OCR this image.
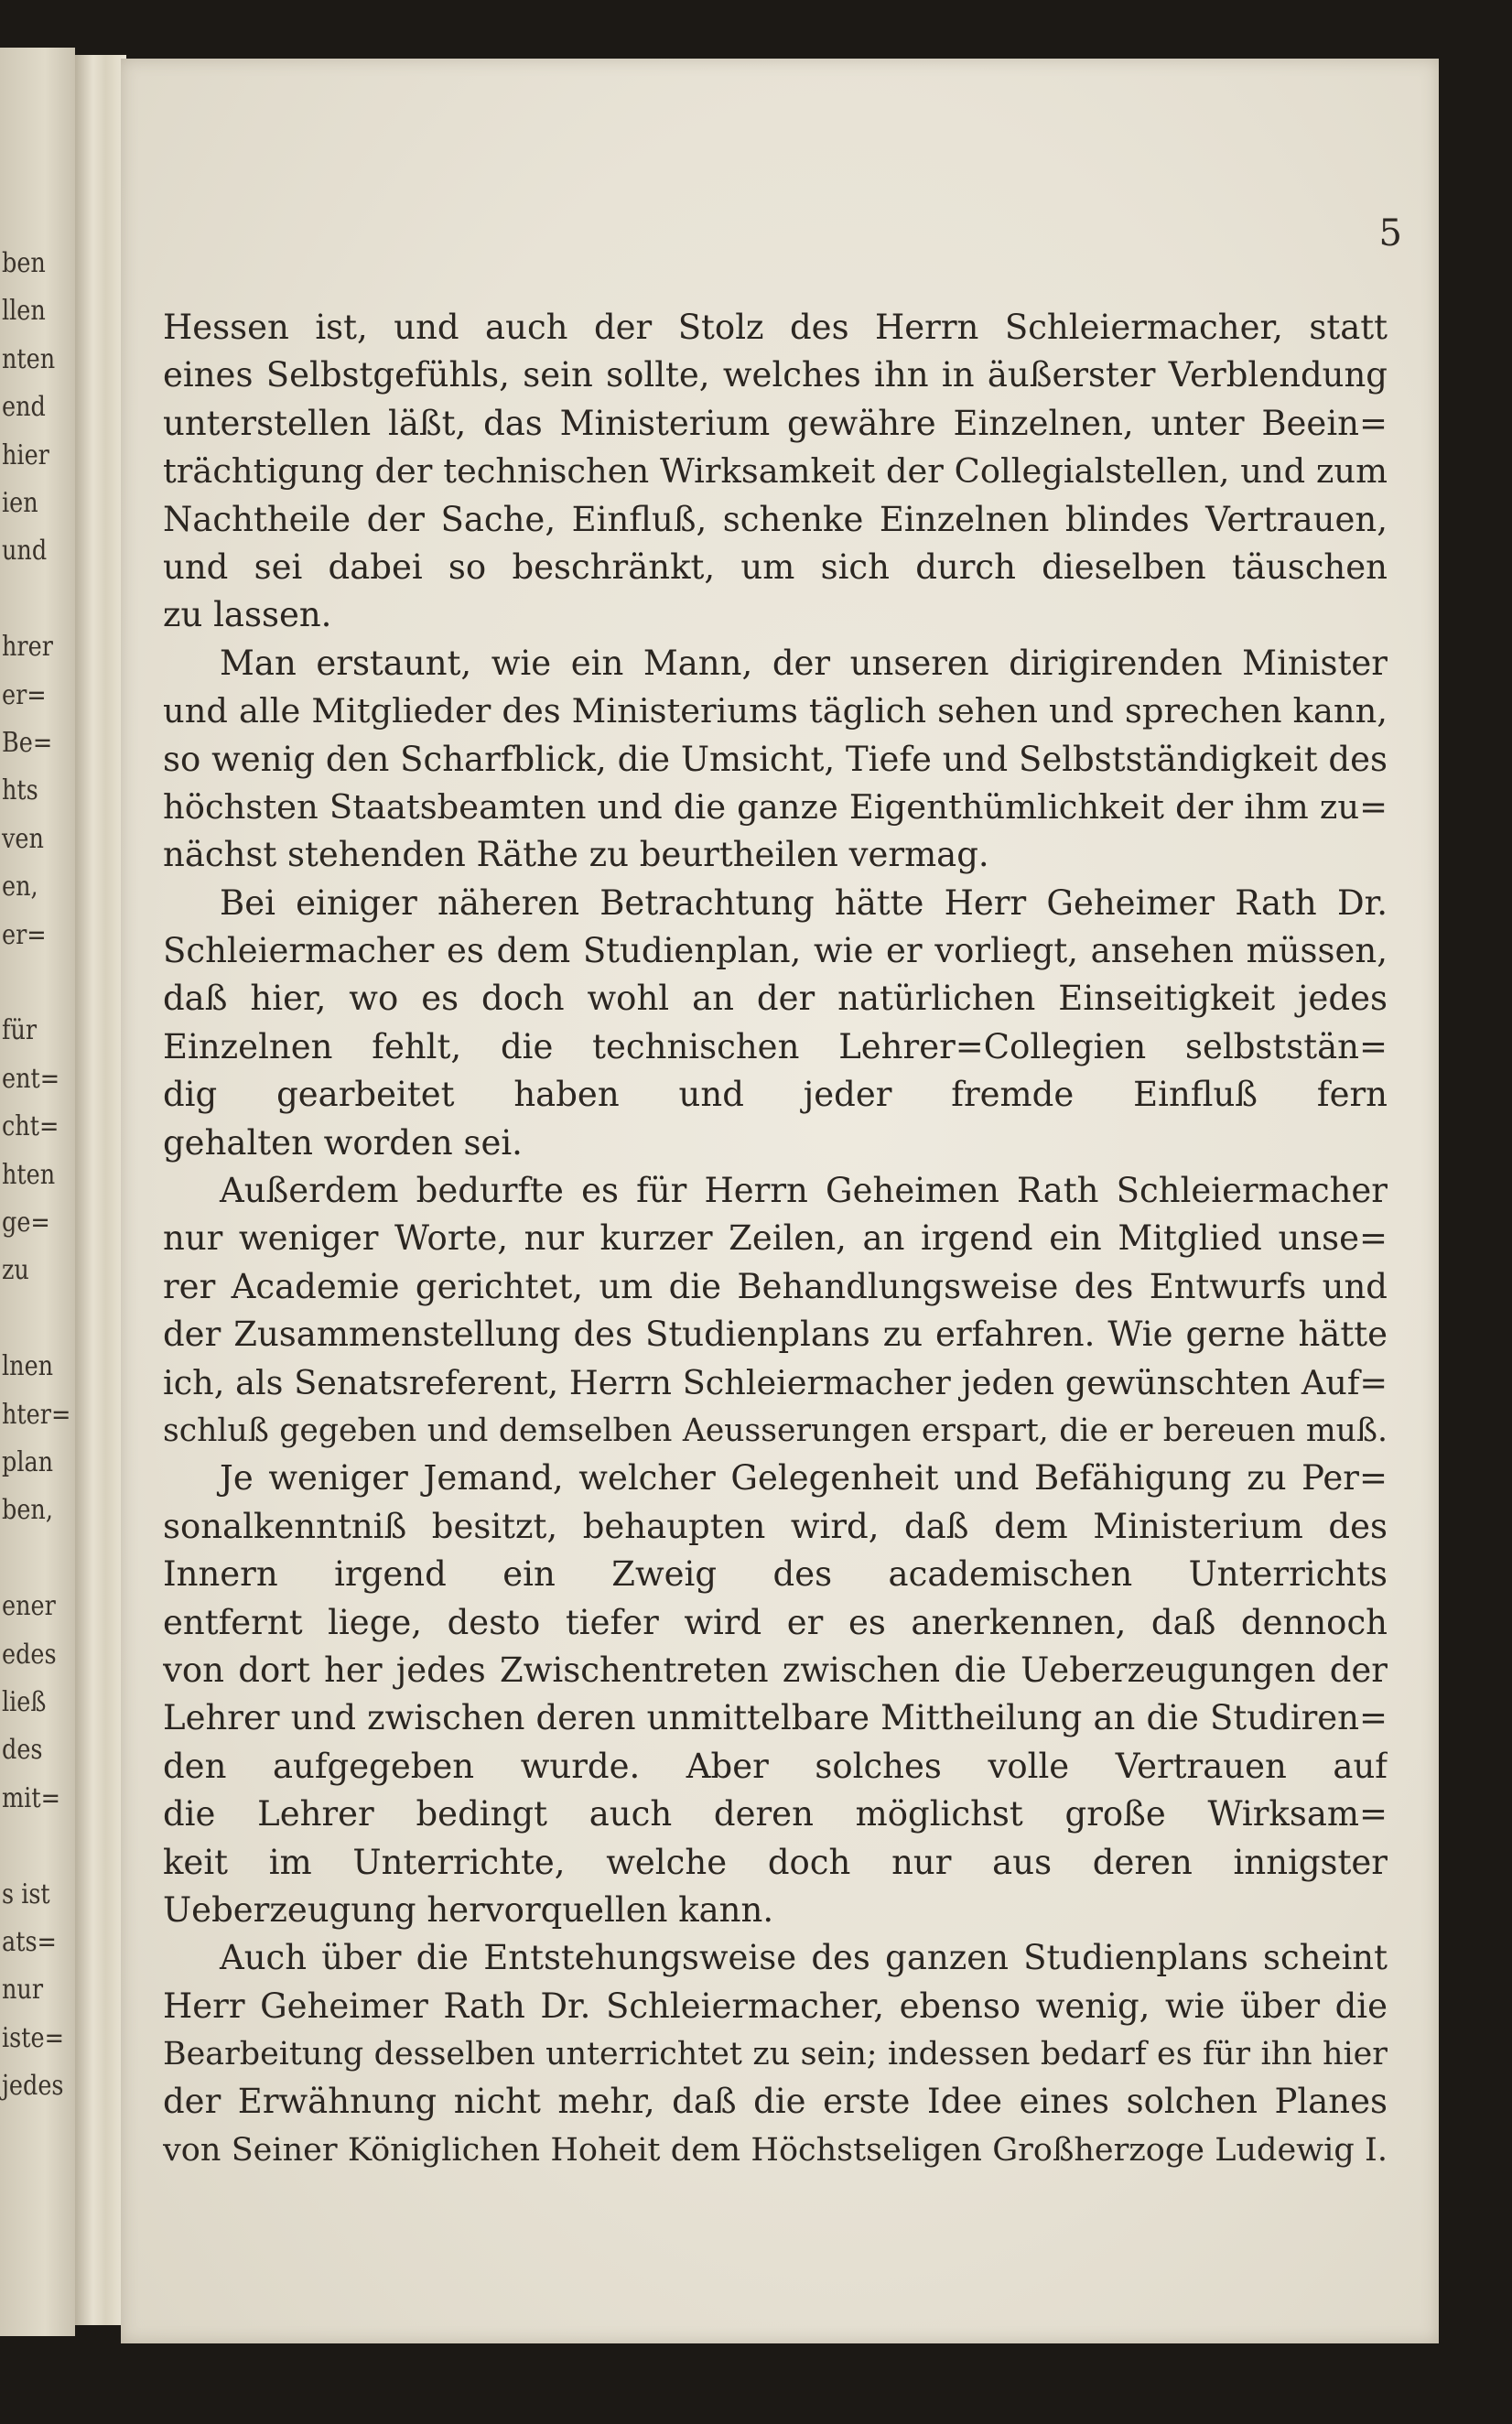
ben
llen
nten
end
hier
ien
und
hrer
er=
Be=
hts
ven
en,
er=
für
ent=
cht=
hten
ge=
zu
lnen
hter=
plan
ben,
ener
edes
ließ
des
mit=
s ist
ats=
nur
iste=
jedes
5
Hessen ist, und auch der Stolz des Herrn Schleiermacher, statt
eines Selbstgefühls, sein sollte, welches ihn in äußerster Verblendung
unterstellen läßt, das Ministerium gewähre Einzelnen, unter Beein=
trächtigung der technischen Wirksamkeit der Collegialstellen, und zum
Nachtheile der Sache, Einfluß, schenke Einzelnen blindes Vertrauen,
und sei dabei so beschränkt, um sich durch dieselben täuschen
zu lassen.
Man erstaunt, wie ein Mann, der unseren dirigirenden Minister
und alle Mitglieder des Ministeriums täglich sehen und sprechen kann,
so wenig den Scharfblick, die Umsicht, Tiefe und Selbstständigkeit des
höchsten Staatsbeamten und die ganze Eigenthümlichkeit der ihm zu=
nächst stehenden Räthe zu beurtheilen vermag.
Bei einiger näheren Betrachtung hätte Herr Geheimer Rath Dr.
Schleiermacher es dem Studienplan, wie er vorliegt, ansehen müssen,
daß hier, wo es doch wohl an der natürlichen Einseitigkeit jedes
Einzelnen fehlt, die technischen Lehrer=Collegien selbststän=
dig gearbeitet haben und jeder fremde Einfluß fern
gehalten worden sei.
Außerdem bedurfte es für Herrn Geheimen Rath Schleiermacher
nur weniger Worte, nur kurzer Zeilen, an irgend ein Mitglied unse=
rer Academie gerichtet, um die Behandlungsweise des Entwurfs und
der Zusammenstellung des Studienplans zu erfahren. Wie gerne hätte
ich, als Senatsreferent, Herrn Schleiermacher jeden gewünschten Auf=
schluß gegeben und demselben Aeusserungen erspart, die er bereuen muß.
Je weniger Jemand, welcher Gelegenheit und Befähigung zu Per=
sonalkenntniß besitzt, behaupten wird, daß dem Ministerium des
Innern irgend ein Zweig des academischen Unterrichts
entfernt liege, desto tiefer wird er es anerkennen, daß dennoch
von dort her jedes Zwischentreten zwischen die Ueberzeugungen der
Lehrer und zwischen deren unmittelbare Mittheilung an die Studiren=
den aufgegeben wurde. Aber solches volle Vertrauen auf
die Lehrer bedingt auch deren möglichst große Wirksam=
keit im Unterrichte, welche doch nur aus deren innigster
Ueberzeugung hervorquellen kann.
Auch über die Entstehungsweise des ganzen Studienplans scheint
Herr Geheimer Rath Dr. Schleiermacher, ebenso wenig, wie über die
Bearbeitung desselben unterrichtet zu sein; indessen bedarf es für ihn hier
der Erwähnung nicht mehr, daß die erste Idee eines solchen Planes
von Seiner Königlichen Hoheit dem Höchstseligen Großherzoge Ludewig I.
